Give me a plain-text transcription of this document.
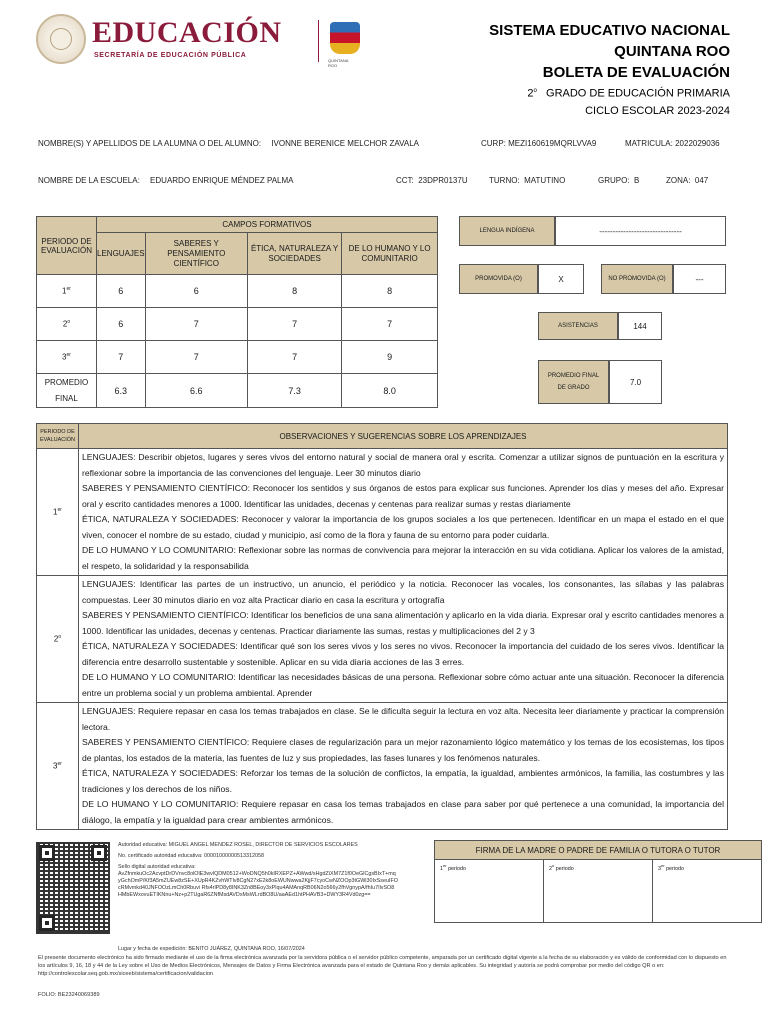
EDUCACIÓN
SECRETARÍA DE EDUCACIÓN PÚBLICA
QUINTANA ROO
SISTEMA EDUCATIVO NACIONAL
QUINTANA ROO
BOLETA DE EVALUACIÓN
2$^o$ GRADO DE EDUCACIÓN PRIMARIA
CICLO ESCOLAR 2023-2024
NOMBRE(S) Y APELLIDOS DE LA ALUMNA O DEL ALUMNO: IVONNE BERENICE MELCHOR ZAVALA	CURP: MEZI160619MQRLVVA9	MATRICULA: 2022029036
NOMBRE DE LA ESCUELA: EDUARDO ENRIQUE MÉNDEZ PALMA	CCT: 23DPR0137U	TURNO: MATUTINO	GRUPO: B	ZONA: 047
PERIODO DE EVALUACIÓN	CAMPOS FORMATIVOS			
	LENGUAJES	SABERES Y PENSAMIENTO CIENTÍFICO	ÉTICA, NATURALEZA Y SOCIEDADES	DE LO HUMANO Y LO COMUNITARIO
1er	6	6	8	8
2$^o$	6	7	7	7
3er	7	7	7	9
PROMEDIO FINAL	6.3	6.6	7.3	8.0
LENGUA INDÍGENA	-------------------------------
PROMOVIDA (O)	X	NO PROMOVIDA (O)	---
ASISTENCIAS	144
PROMEDIO FINAL DE GRADO
7.0
PERIODO DE EVALUACIÓN	OBSERVACIONES Y SUGERENCIAS SOBRE LOS APRENDIZAJES
1er	LENGUAJES: Describir objetos, lugares y seres vivos del entorno natural y social de manera oral y escrita. Comenzar a utilizar signos de puntuación en la escritura y reflexionar sobre la importancia de las convenciones del lenguaje. Leer 30 minutos diario

SABERES Y PENSAMIENTO CIENTÍFICO: Reconocer los sentidos y sus órganos de estos para explicar sus funciones. Aprender los días y meses del año. Expresar oral y escrito cantidades menores a 1000. Identificar las unidades, decenas y centenas para realizar sumas y restas diariamente

ÉTICA, NATURALEZA Y SOCIEDADES: Reconocer y valorar la importancia de los grupos sociales a los que pertenecen. Identificar en un mapa el estado en el que viven, conocer el nombre de su estado, ciudad y municipio, así como de la flora y fauna de su entorno para poder cuidarla.

DE LO HUMANO Y LO COMUNITARIO: Reflexionar sobre las normas de convivencia para mejorar la interacción en su vida cotidiana. Aplicar los valores de la amistad, el respeto, la solidaridad y la responsabilida

2$^o$	LENGUAJES: Identificar las partes de un instructivo, un anuncio, el periódico y la noticia. Reconocer las vocales, los consonantes, las sílabas y las palabras compuestas. Leer 30 minutos diario en voz alta Practicar diario en casa la escritura y ortografía

SABERES Y PENSAMIENTO CIENTÍFICO: Identificar los beneficios de una sana alimentación y aplicarlo en la vida diaria. Expresar oral y escrito cantidades menores a 1000. Identificar las unidades, decenas y centenas. Practicar diariamente las sumas, restas y multiplicaciones del 2 y 3

ÉTICA, NATURALEZA Y SOCIEDADES: Identificar qué son los seres vivos y los seres no vivos. Reconocer la importancia del cuidado de los seres vivos. Identificar la diferencia entre desarrollo sustentable y sostenible. Aplicar en su vida diaria acciones de las 3 erres.

DE LO HUMANO Y LO COMUNITARIO: Identificar las necesidades básicas de una persona. Reflexionar sobre cómo actuar ante una situación. Reconocer la diferencia entre un problema social y un problema ambiental. Aprender

3er	LENGUAJES: Requiere repasar en casa los temas trabajados en clase. Se le dificulta seguir la lectura en voz alta. Necesita leer diariamente y practicar la comprensión lectora.

SABERES Y PENSAMIENTO CIENTÍFICO: Requiere clases de regularización para un mejor razonamiento lógico matemático y los temas de los ecosistemas, los tipos de plantas, los estados de la materia, las fuentes de luz y sus propiedades, las fases lunares y los fenómenos naturales.

ÉTICA, NATURALEZA Y SOCIEDADES: Reforzar los temas de la solución de conflictos, la empatía, la igualdad, ambientes armónicos, la familia, las costumbres y las tradiciones y los derechos de los niños.

DE LO HUMANO Y LO COMUNITARIO: Requiere repasar en casa los temas trabajados en clase para saber por qué pertenece a una comunidad, la importancia del diálogo, la empatía y la igualdad para crear ambientes armónicos.

Autoridad educativa: MIGUEL ANGEL MENDEZ ROSEL, DIRECTOR DE SERVICIOS ESCOLARES
No. certificado autoridad educativa: 00001000000513312058
Sello digital autoridad educativa:
AvZfnmkuOc2AcvptDrDVnvc8olOlE3wvlQDM0512+WoDNQ5h0kIRXEPZ+AWwd/sHgdZiXM7Z1f0OeGlCgsBIxT+mqyGchOmP/Kf3A5mZUEw8zSE+XUpR4KZvhWTlv8CgN27xE2k8oEWUNwwa2KjjF7cyoCwNZOOp3tGWi30IxSseuIFOcRMvmkd40JNFOOzLmCh0Rbuvi Rfs4rlPD8y8INK3Zn8BEoy3xPlqu4AMAnqRB06N2o566y2fhVgnypA/fhIu7IlvSO8HMbEWxovuETIKNnu+Nz+p2TUgaR6ZNfMsdAVDxMsWLrdBO8U/aaAEd1htPHAVB3+DWY3R4Vd0zg==
FIRMA DE LA MADRE O PADRE DE FAMILIA O TUTORA O TUTOR
1er periodo	2$^o$ periodo	3er periodo
Lugar y fecha de expedición: BENITO JUÁREZ, QUINTANA ROO, 16/07/2024
El presente documento electrónico ha sido firmado mediante el uso de la firma electrónica avanzada por la servidora pública o el servidor público competente, amparada por un certificado digital vigente a la fecha de su elaboración y es válido de conformidad con lo dispuesto en los artículos 9, 16, 18 y 44 de la Ley sobre el Uso de Medios Electrónicos, Mensajes de Datos y Firma Electrónica avanzada para el estado de Quintana Roo y demás aplicables. Su integridad y autoría se podrá comprobar por medio del código QR o en: http://controlescolar.seq.gob.mx/siceeb/sistema/certificacion/validacion
FOLIO: BE23240069389
